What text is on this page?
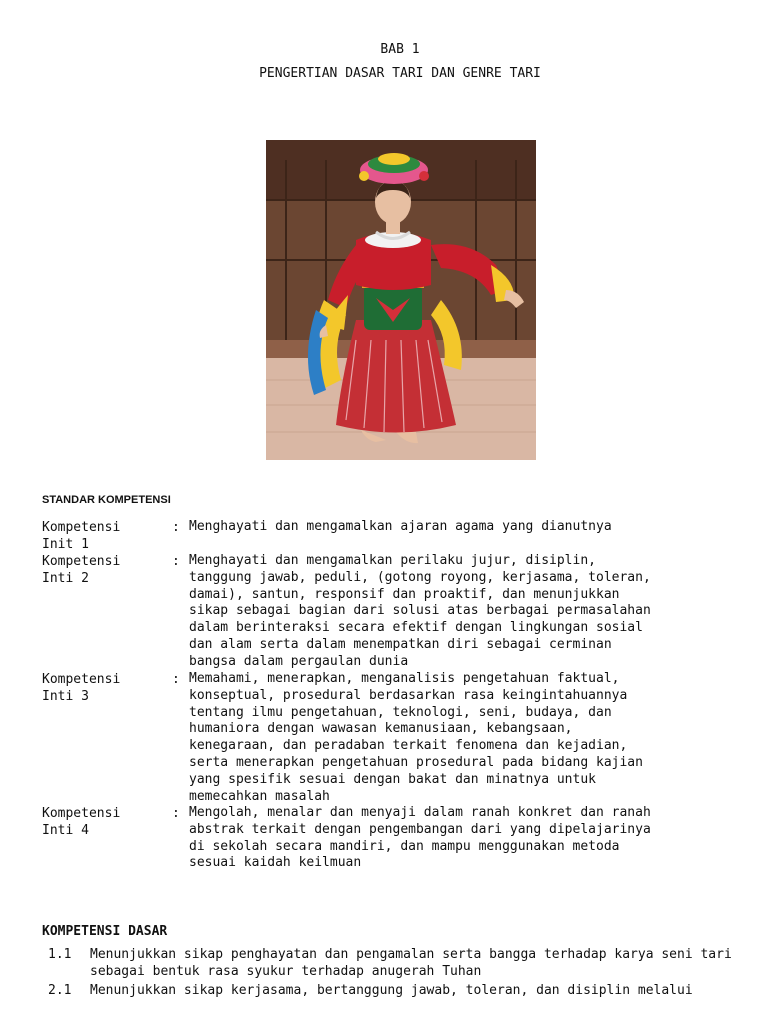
BAB 1
PENGERTIAN DASAR TARI DAN GENRE TARI
STANDAR KOMPETENSI
Kompetensi
Init 1
: Menghayati dan mengamalkan ajaran agama yang dianutnya
Kompetensi
Inti 2
: Menghayati dan mengamalkan perilaku jujur, disiplin, tanggung jawab, peduli, (gotong royong, kerjasama, toleran, damai), santun, responsif dan proaktif, dan menunjukkan sikap sebagai bagian dari solusi atas berbagai permasalahan dalam berinteraksi secara efektif dengan lingkungan sosial dan alam serta dalam menempatkan diri sebagai cerminan bangsa dalam pergaulan dunia
Kompetensi
Inti 3
: Memahami, menerapkan, menganalisis pengetahuan faktual, konseptual, prosedural berdasarkan rasa keingintahuannya tentang ilmu pengetahuan, teknologi, seni, budaya, dan humaniora dengan wawasan kemanusiaan, kebangsaan, kenegaraan, dan peradaban terkait fenomena dan kejadian, serta menerapkan pengetahuan prosedural pada bidang kajian yang spesifik sesuai dengan bakat dan minatnya untuk memecahkan masalah
Kompetensi
Inti 4
: Mengolah, menalar dan menyaji dalam ranah konkret dan ranah abstrak terkait dengan pengembangan dari yang dipelajarinya di sekolah secara mandiri, dan mampu menggunakan metoda sesuai kaidah keilmuan
KOMPETENSI DASAR
1.1 Menunjukkan sikap penghayatan dan pengamalan serta bangga terhadap karya seni tari sebagai bentuk rasa syukur terhadap anugerah Tuhan
2.1 Menunjukkan sikap kerjasama, bertanggung jawab, toleran, dan disiplin melalui
